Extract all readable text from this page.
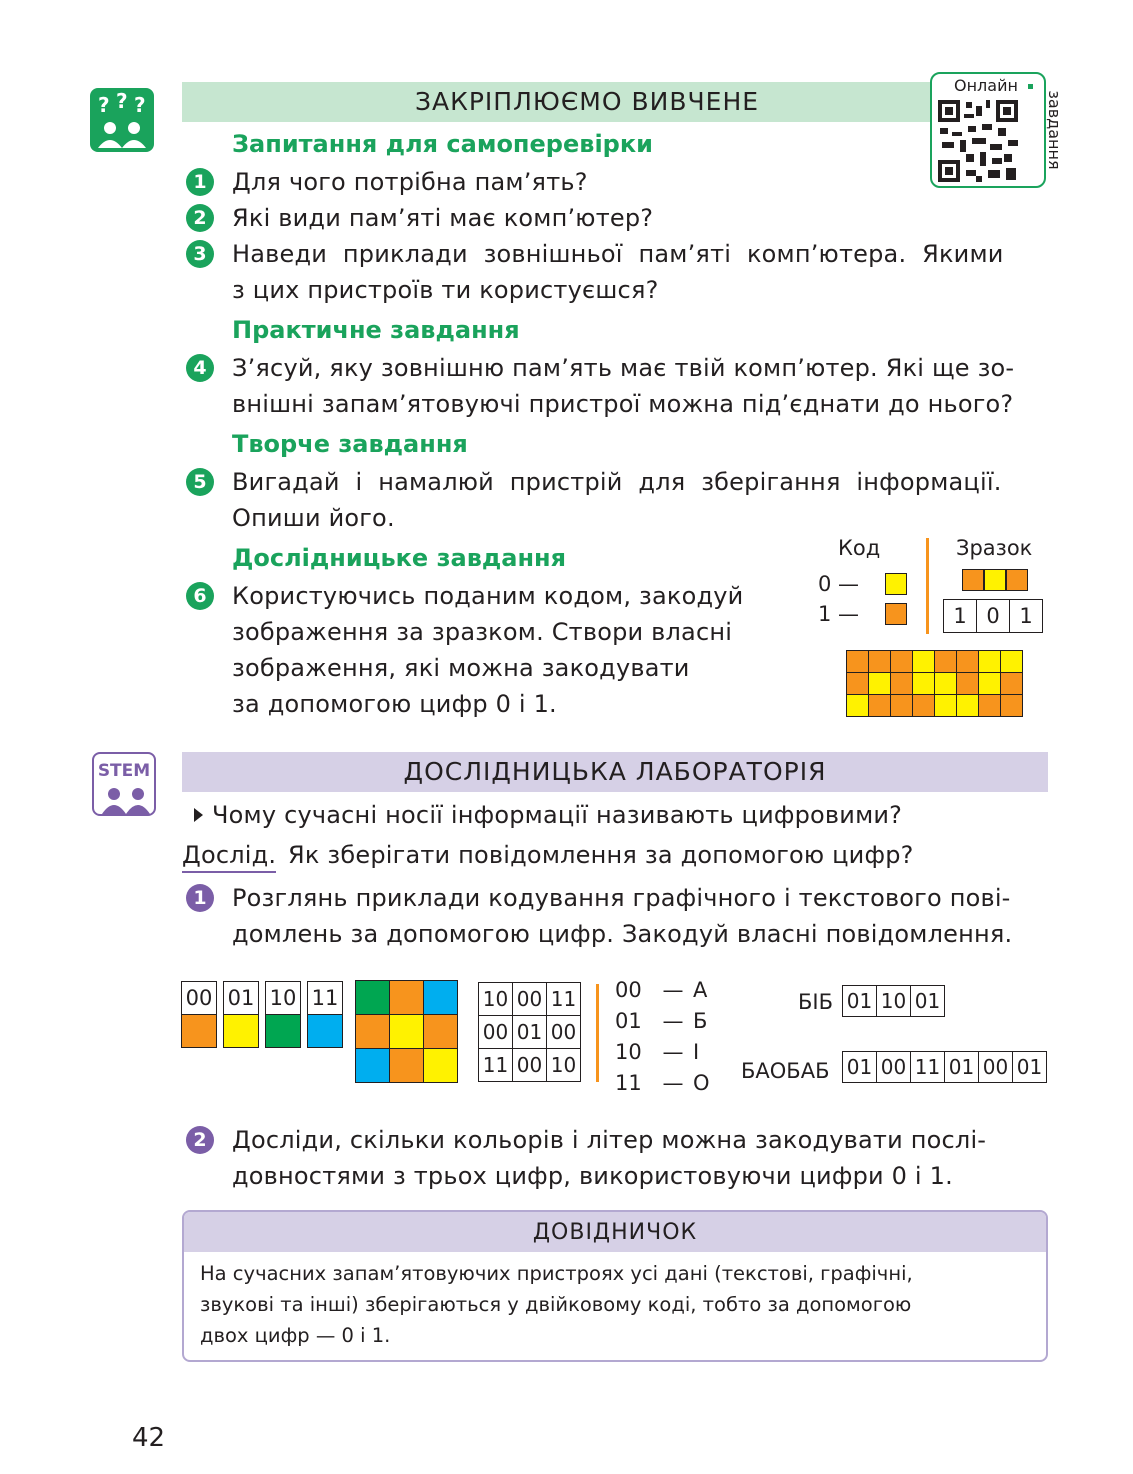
? ? ?	ЗАКРІПЛЮЄМО ВИВЧЕНЕ
Онлайн
завдання
Запитання для самоперевірки
1	Для чого потрібна пам’ять?
2	Які види пам’яті має комп’ютер?
3	Наведи приклади зовнішньої пам’яті комп’ютера. Якими
з цих пристроїв ти користуєшся?
Практичне завдання
4	З’ясуй, яку зовнішню пам’ять має твій комп’ютер. Які ще зо-
внішні запам’ятовуючі пристрої можна під’єднати до нього?
Творче завдання
5	Вигадай і намалюй пристрій для зберігання інформації.
Опиши його.
Дослідницьке завдання
6	Користуючись поданим кодом, закодуй
зображення за зразком. Створи власні
зображення, які можна закодувати
за допомогою цифр 0 і 1.
Код	Зразок
0 —
1 —	1 0 1
STEM	ДОСЛІДНИЦЬКА ЛАБОРАТОРІЯ
Чому сучасні носії інформації називають цифровими?
Дослід. Як зберігати повідомлення за допомогою цифр?
1	Розглянь приклади кодування графічного і текстового пові-
домлень за допомогою цифр. Закодуй власні повідомлення.
00 01 10 11	10 00 11
00 01 00
11 00 10
00 — А
01 — Б
10 — І
11 — О
БІБ 01 10 01
БАОБАБ 01 00 11 01 00 01
2	Досліди, скільки кольорів і літер можна закодувати послі-
довностями з трьох цифр, використовуючи цифри 0 і 1.
ДОВІДНИЧОК
На сучасних запам’ятовуючих пристроях усі дані (текстові, графічні,
звукові та інші) зберігаються у двійковому коді, тобто за допомогою
двох цифр — 0 і 1.
42
